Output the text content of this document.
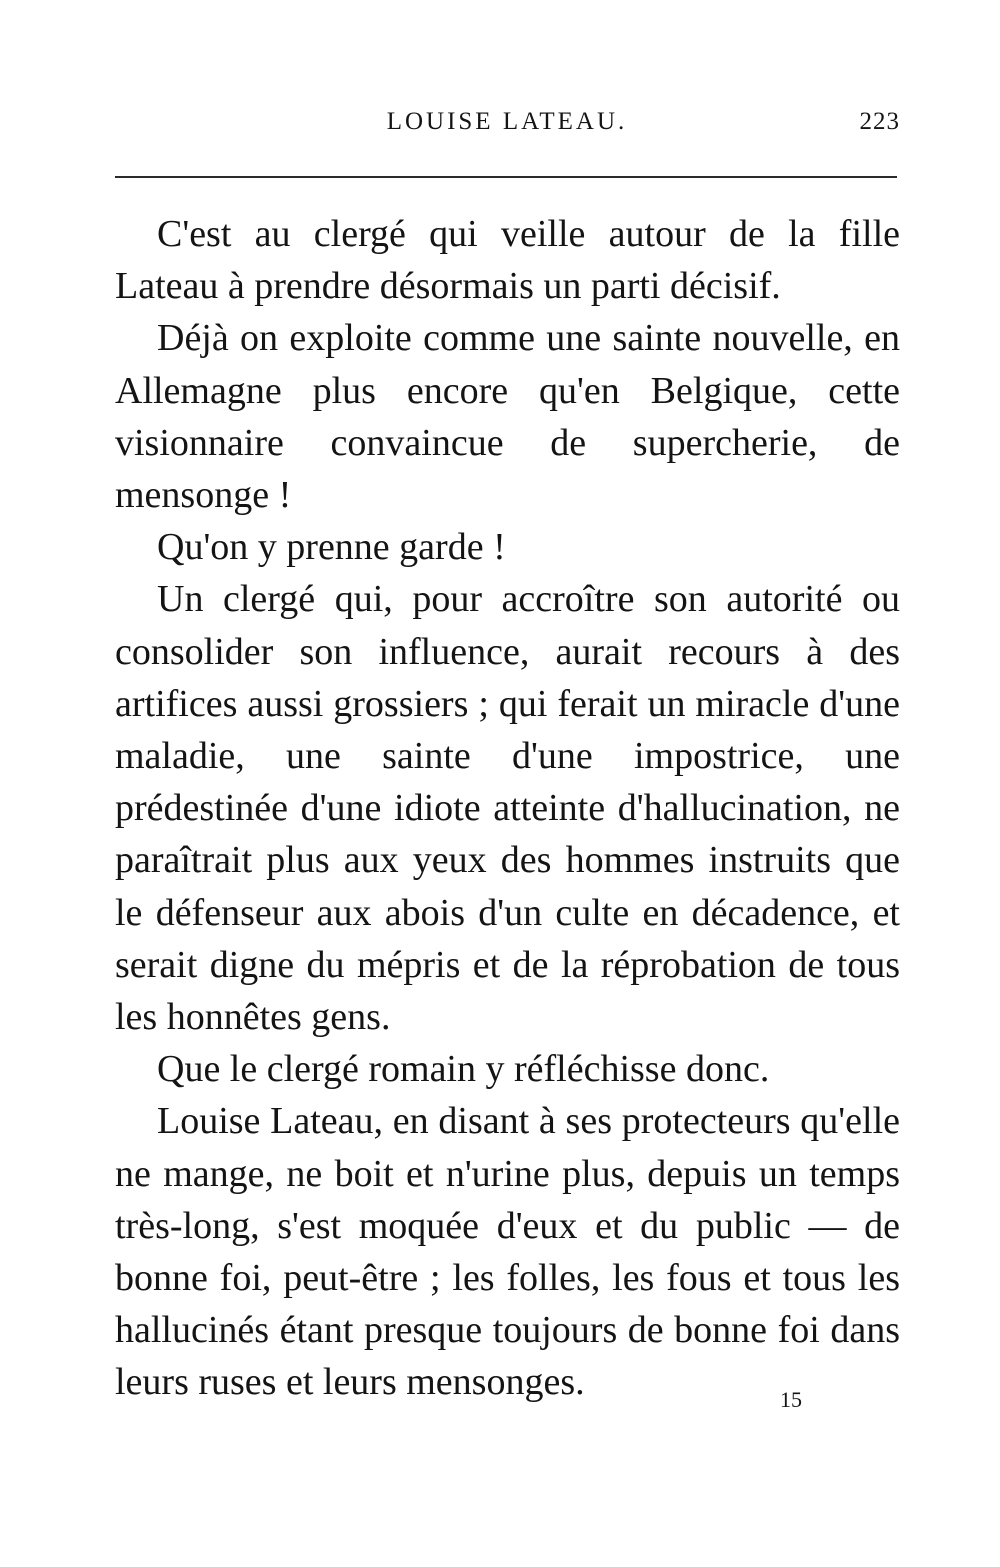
LOUISE LATEAU.	223

C'est au clergé qui veille autour de la fille Lateau à prendre désormais un parti décisif.

Déjà on exploite comme une sainte nouvelle, en Allemagne plus encore qu'en Belgique, cette visionnaire convaincue de supercherie, de mensonge !

Qu'on y prenne garde !

Un clergé qui, pour accroître son autorité ou consolider son influence, aurait recours à des artifices aussi grossiers ; qui ferait un miracle d'une maladie, une sainte d'une impostrice, une prédestinée d'une idiote atteinte d'hallucination, ne paraîtrait plus aux yeux des hommes instruits que le défenseur aux abois d'un culte en décadence, et serait digne du mépris et de la réprobation de tous les honnêtes gens.

Que le clergé romain y réfléchisse donc.

Louise Lateau, en disant à ses protecteurs qu'elle ne mange, ne boit et n'urine plus, depuis un temps très-long, s'est moquée d'eux et du public — de bonne foi, peut-être ; les folles, les fous et tous les hallucinés étant presque toujours de bonne foi dans leurs ruses et leurs mensonges.	15
